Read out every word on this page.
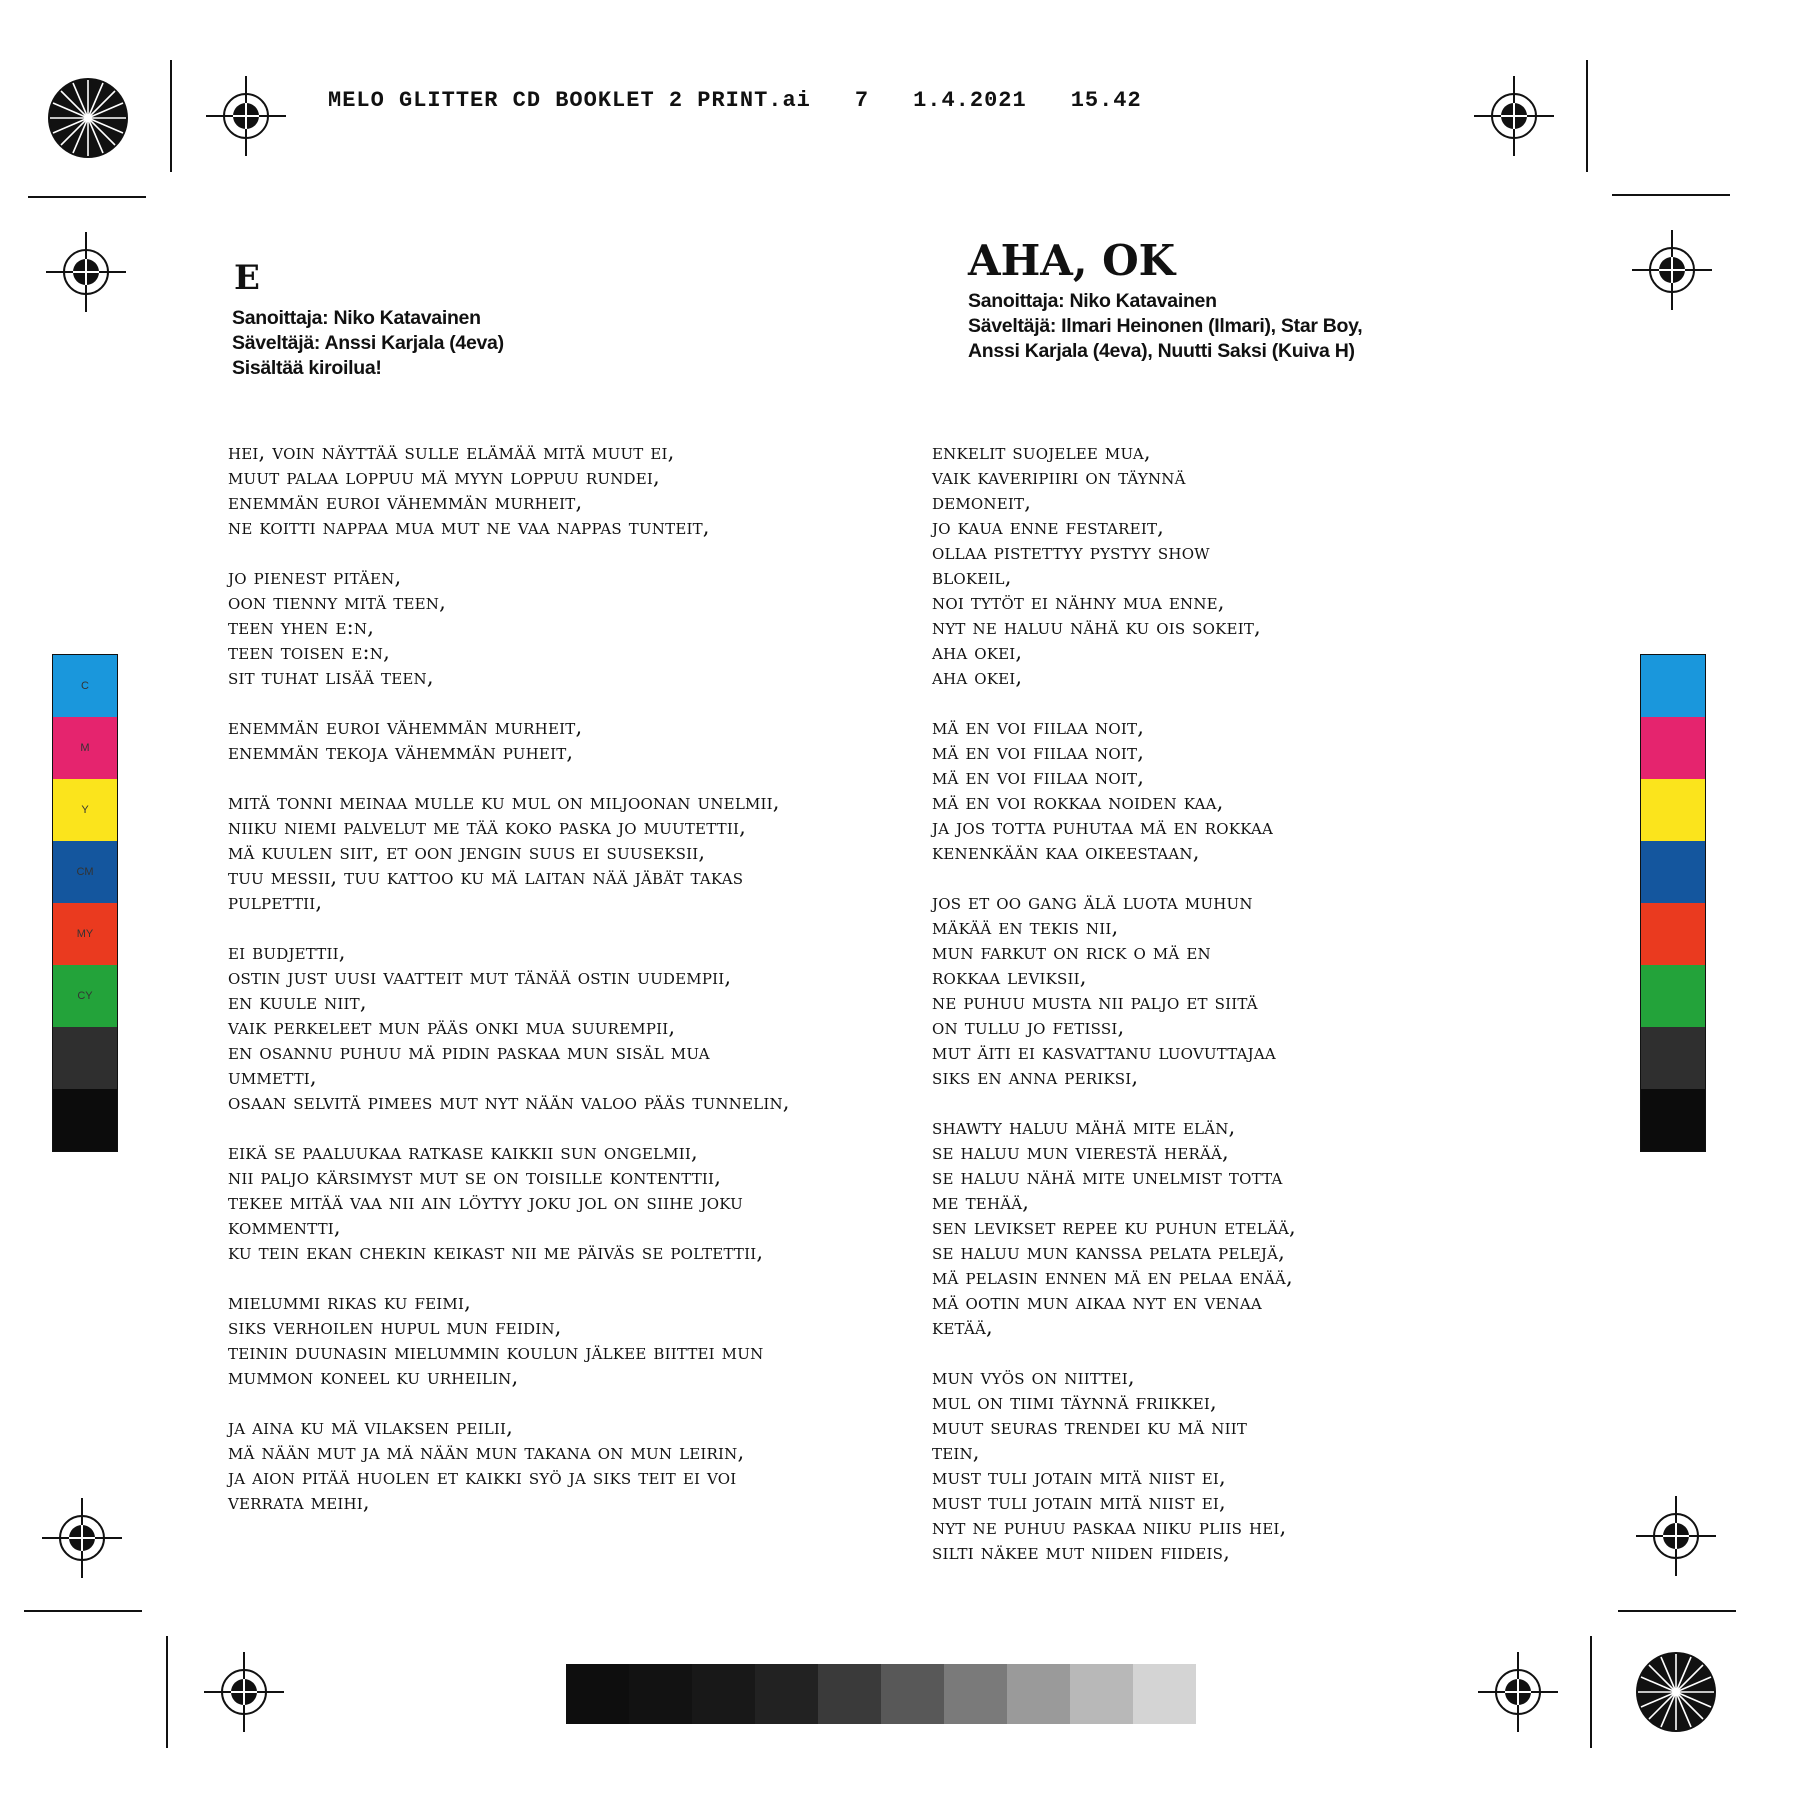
MELO GLITTER CD BOOKLET 2 PRINT.ai 7 1.4.2021 15.42
C
M
Y
CM
MY
CY
E
Sanoittaja: Niko Katavainen
Säveltäjä: Anssi Karjala (4eva)
Sisältää kiroilua!
hei, voin näyttää sulle elämää mitä muut ei,
muut palaa loppuu mä myyn loppuu rundei,
enemmän euroi vähemmän murheit,
ne koitti nappaa mua mut ne vaa nappas tunteit,
jo pienest pitäen,
oon tienny mitä teen,
teen yhen e:n,
teen toisen e:n,
sit tuhat lisää teen,
enemmän euroi vähemmän murheit,
enemmän tekoja vähemmän puheit,
mitä tonni meinaa mulle ku mul on miljoonan unelmii,
niiku niemi palvelut me tää koko paska jo muutettii,
mä kuulen siit, et oon jengin suus ei suuseksii,
tuu messii, tuu kattoo ku mä laitan nää jäbät takas
pulpettii,
ei budjettii,
ostin just uusi vaatteit mut tänää ostin uudempii,
en kuule niit,
vaik perkeleet mun pääs onki mua suurempii,
en osannu puhuu mä pidin paskaa mun sisäl mua
ummetti,
osaan selvitä pimees mut nyt nään valoo pääs tunnelin,
eikä se paaluukaa ratkase kaikkii sun ongelmii,
nii paljo kärsimyst mut se on toisille kontenttii,
tekee mitää vaa nii ain löytyy joku jol on siihe joku
kommentti,
ku tein ekan chekin keikast nii me päiväs se poltettii,
mielummi rikas ku feimi,
siks verhoilen hupul mun feidin,
teinin duunasin mielummin koulun jälkee biittei mun
mummon koneel ku urheilin,
ja aina ku mä vilaksen peilii,
mä nään mut ja mä nään mun takana on mun leirin,
ja aion pitää huolen et kaikki syö ja siks teit ei voi
verrata meihi,
AHA, OK
Sanoittaja: Niko Katavainen
Säveltäjä: Ilmari Heinonen (Ilmari), Star Boy,
Anssi Karjala (4eva), Nuutti Saksi (Kuiva H)
enkelit suojelee mua,
vaik kaveripiiri on täynnä
demoneit,
jo kaua enne festareit,
ollaa pistettyy pystyy show
blokeil,
noi tytöt ei nähny mua enne,
nyt ne haluu nähä ku ois sokeit,
aha okei,
aha okei,
mä en voi fiilaa noit,
mä en voi fiilaa noit,
mä en voi fiilaa noit,
mä en voi rokkaa noiden kaa,
ja jos totta puhutaa mä en rokkaa
kenenkään kaa oikeestaan,
jos et oo gang älä luota muhun
mäkää en tekis nii,
mun farkut on rick o mä en
rokkaa leviksii,
ne puhuu musta nii paljo et siitä
on tullu jo fetissi,
mut äiti ei kasvattanu luovuttajaa
siks en anna periksi,
shawty haluu mähä mite elän,
se haluu mun vierestä herää,
se haluu nähä mite unelmist totta
me tehää,
sen levikset repee ku puhun etelää,
se haluu mun kanssa pelata pelejä,
mä pelasin ennen mä en pelaa enää,
mä ootin mun aikaa nyt en venaa
ketää,
mun vyös on niittei,
mul on tiimi täynnä friikkei,
muut seuras trendei ku mä niit
tein,
must tuli jotain mitä niist ei,
must tuli jotain mitä niist ei,
nyt ne puhuu paskaa niiku pliis hei,
silti näkee mut niiden fiideis,
